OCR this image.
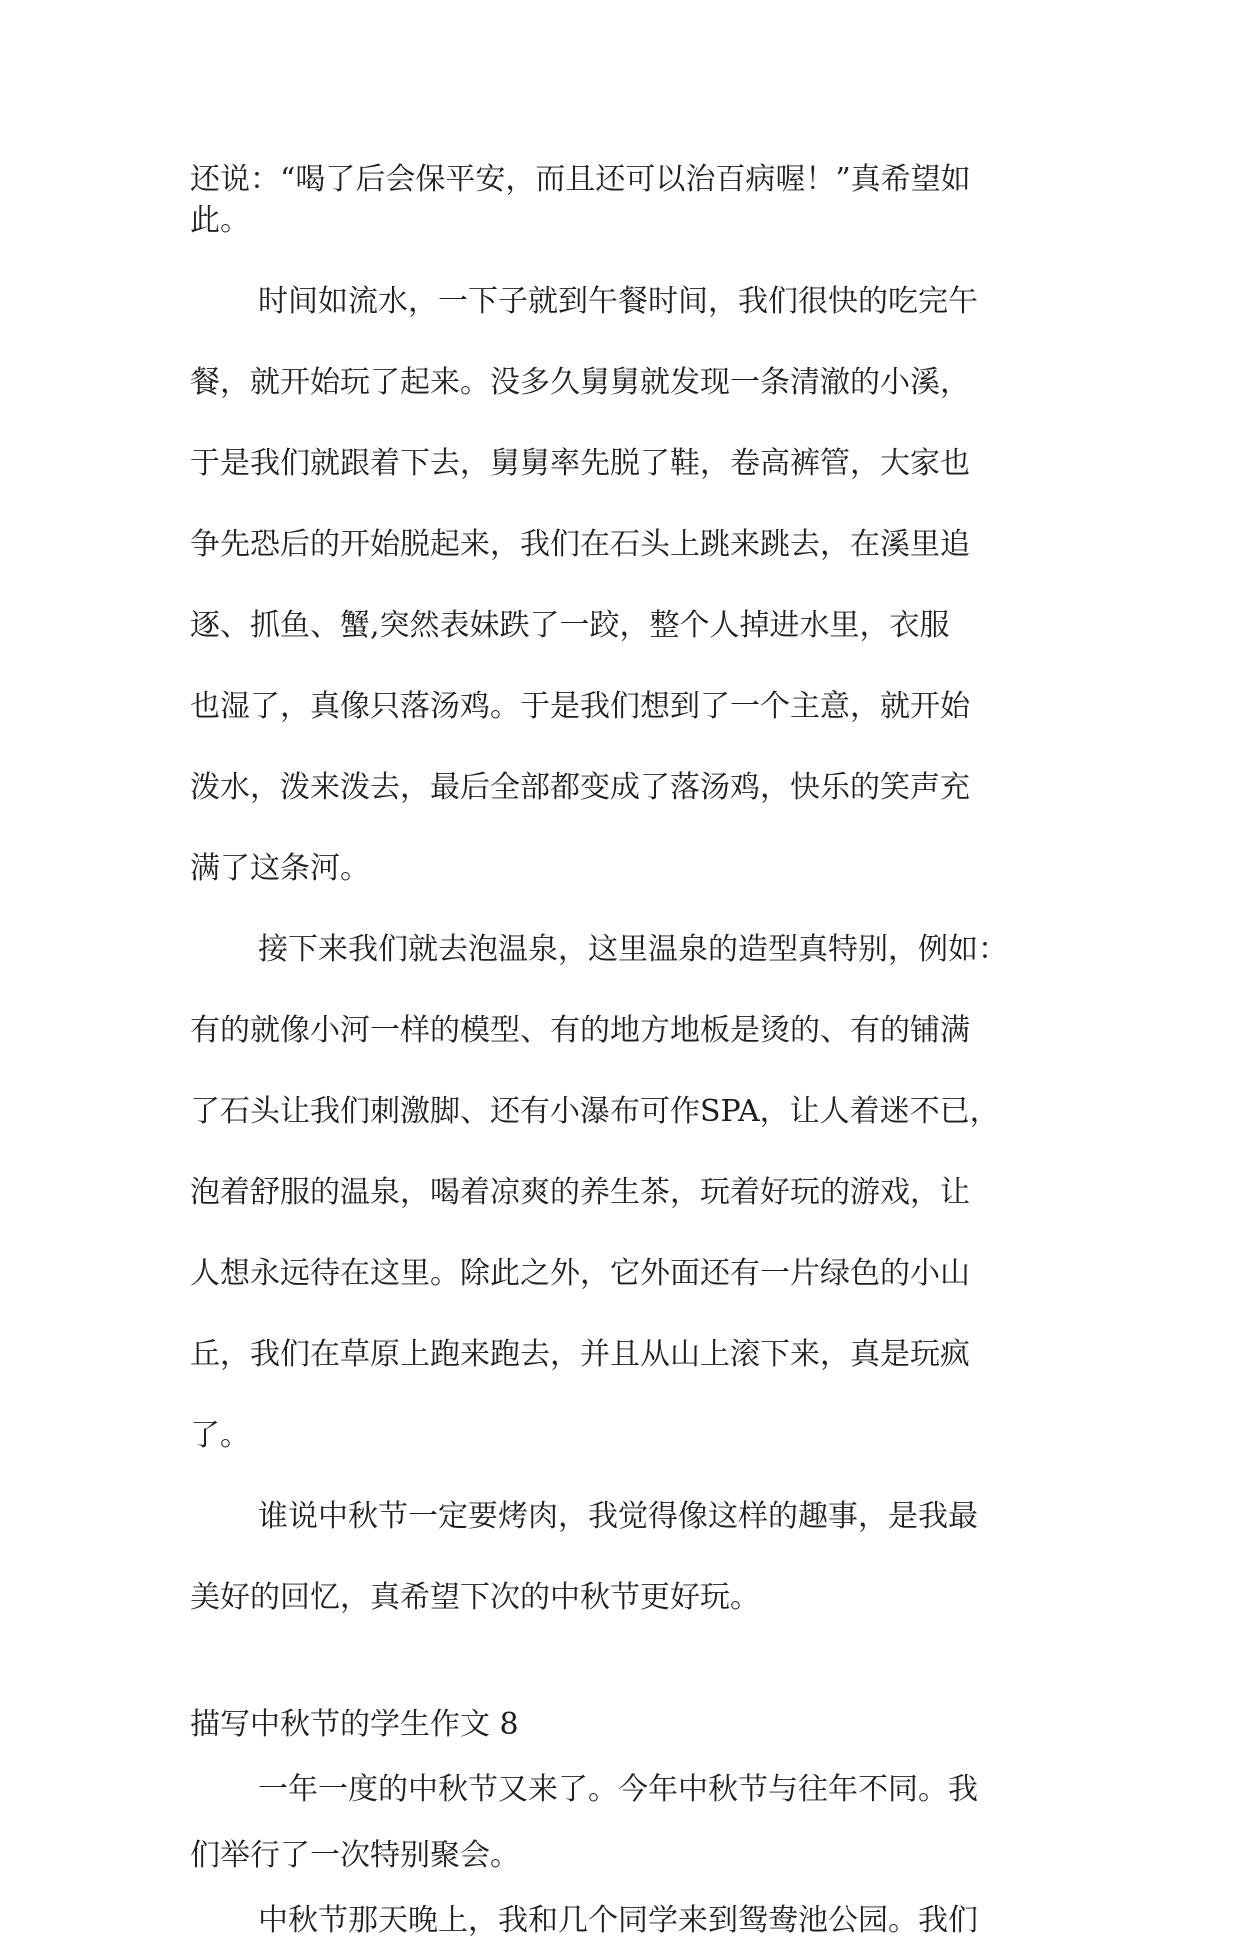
还说：“喝了后会保平安，而且还可以治百病喔！”真希望如
此。
时间如流水，一下子就到午餐时间，我们很快的吃完午
餐，就开始玩了起来。没多久舅舅就发现一条清澈的小溪，
于是我们就跟着下去，舅舅率先脱了鞋，卷高裤管，大家也
争先恐后的开始脱起来，我们在石头上跳来跳去，在溪里追
逐、抓鱼、蟹,突然表妹跌了一跤，整个人掉进水里，衣服
也湿了，真像只落汤鸡。于是我们想到了一个主意，就开始
泼水，泼来泼去，最后全部都变成了落汤鸡，快乐的笑声充
满了这条河。
接下来我们就去泡温泉，这里温泉的造型真特别，例如：
有的就像小河一样的模型、有的地方地板是烫的、有的铺满
了石头让我们刺激脚、还有小瀑布可作SPA，让人着迷不已，
泡着舒服的温泉，喝着凉爽的养生茶，玩着好玩的游戏，让
人想永远待在这里。除此之外，它外面还有一片绿色的小山
丘，我们在草原上跑来跑去，并且从山上滚下来，真是玩疯
了。
谁说中秋节一定要烤肉，我觉得像这样的趣事，是我最
美好的回忆，真希望下次的中秋节更好玩。
描写中秋节的学生作文 8
一年一度的中秋节又来了。今年中秋节与往年不同。我
们举行了一次特别聚会。
中秋节那天晚上，我和几个同学来到鸳鸯池公园。我们
